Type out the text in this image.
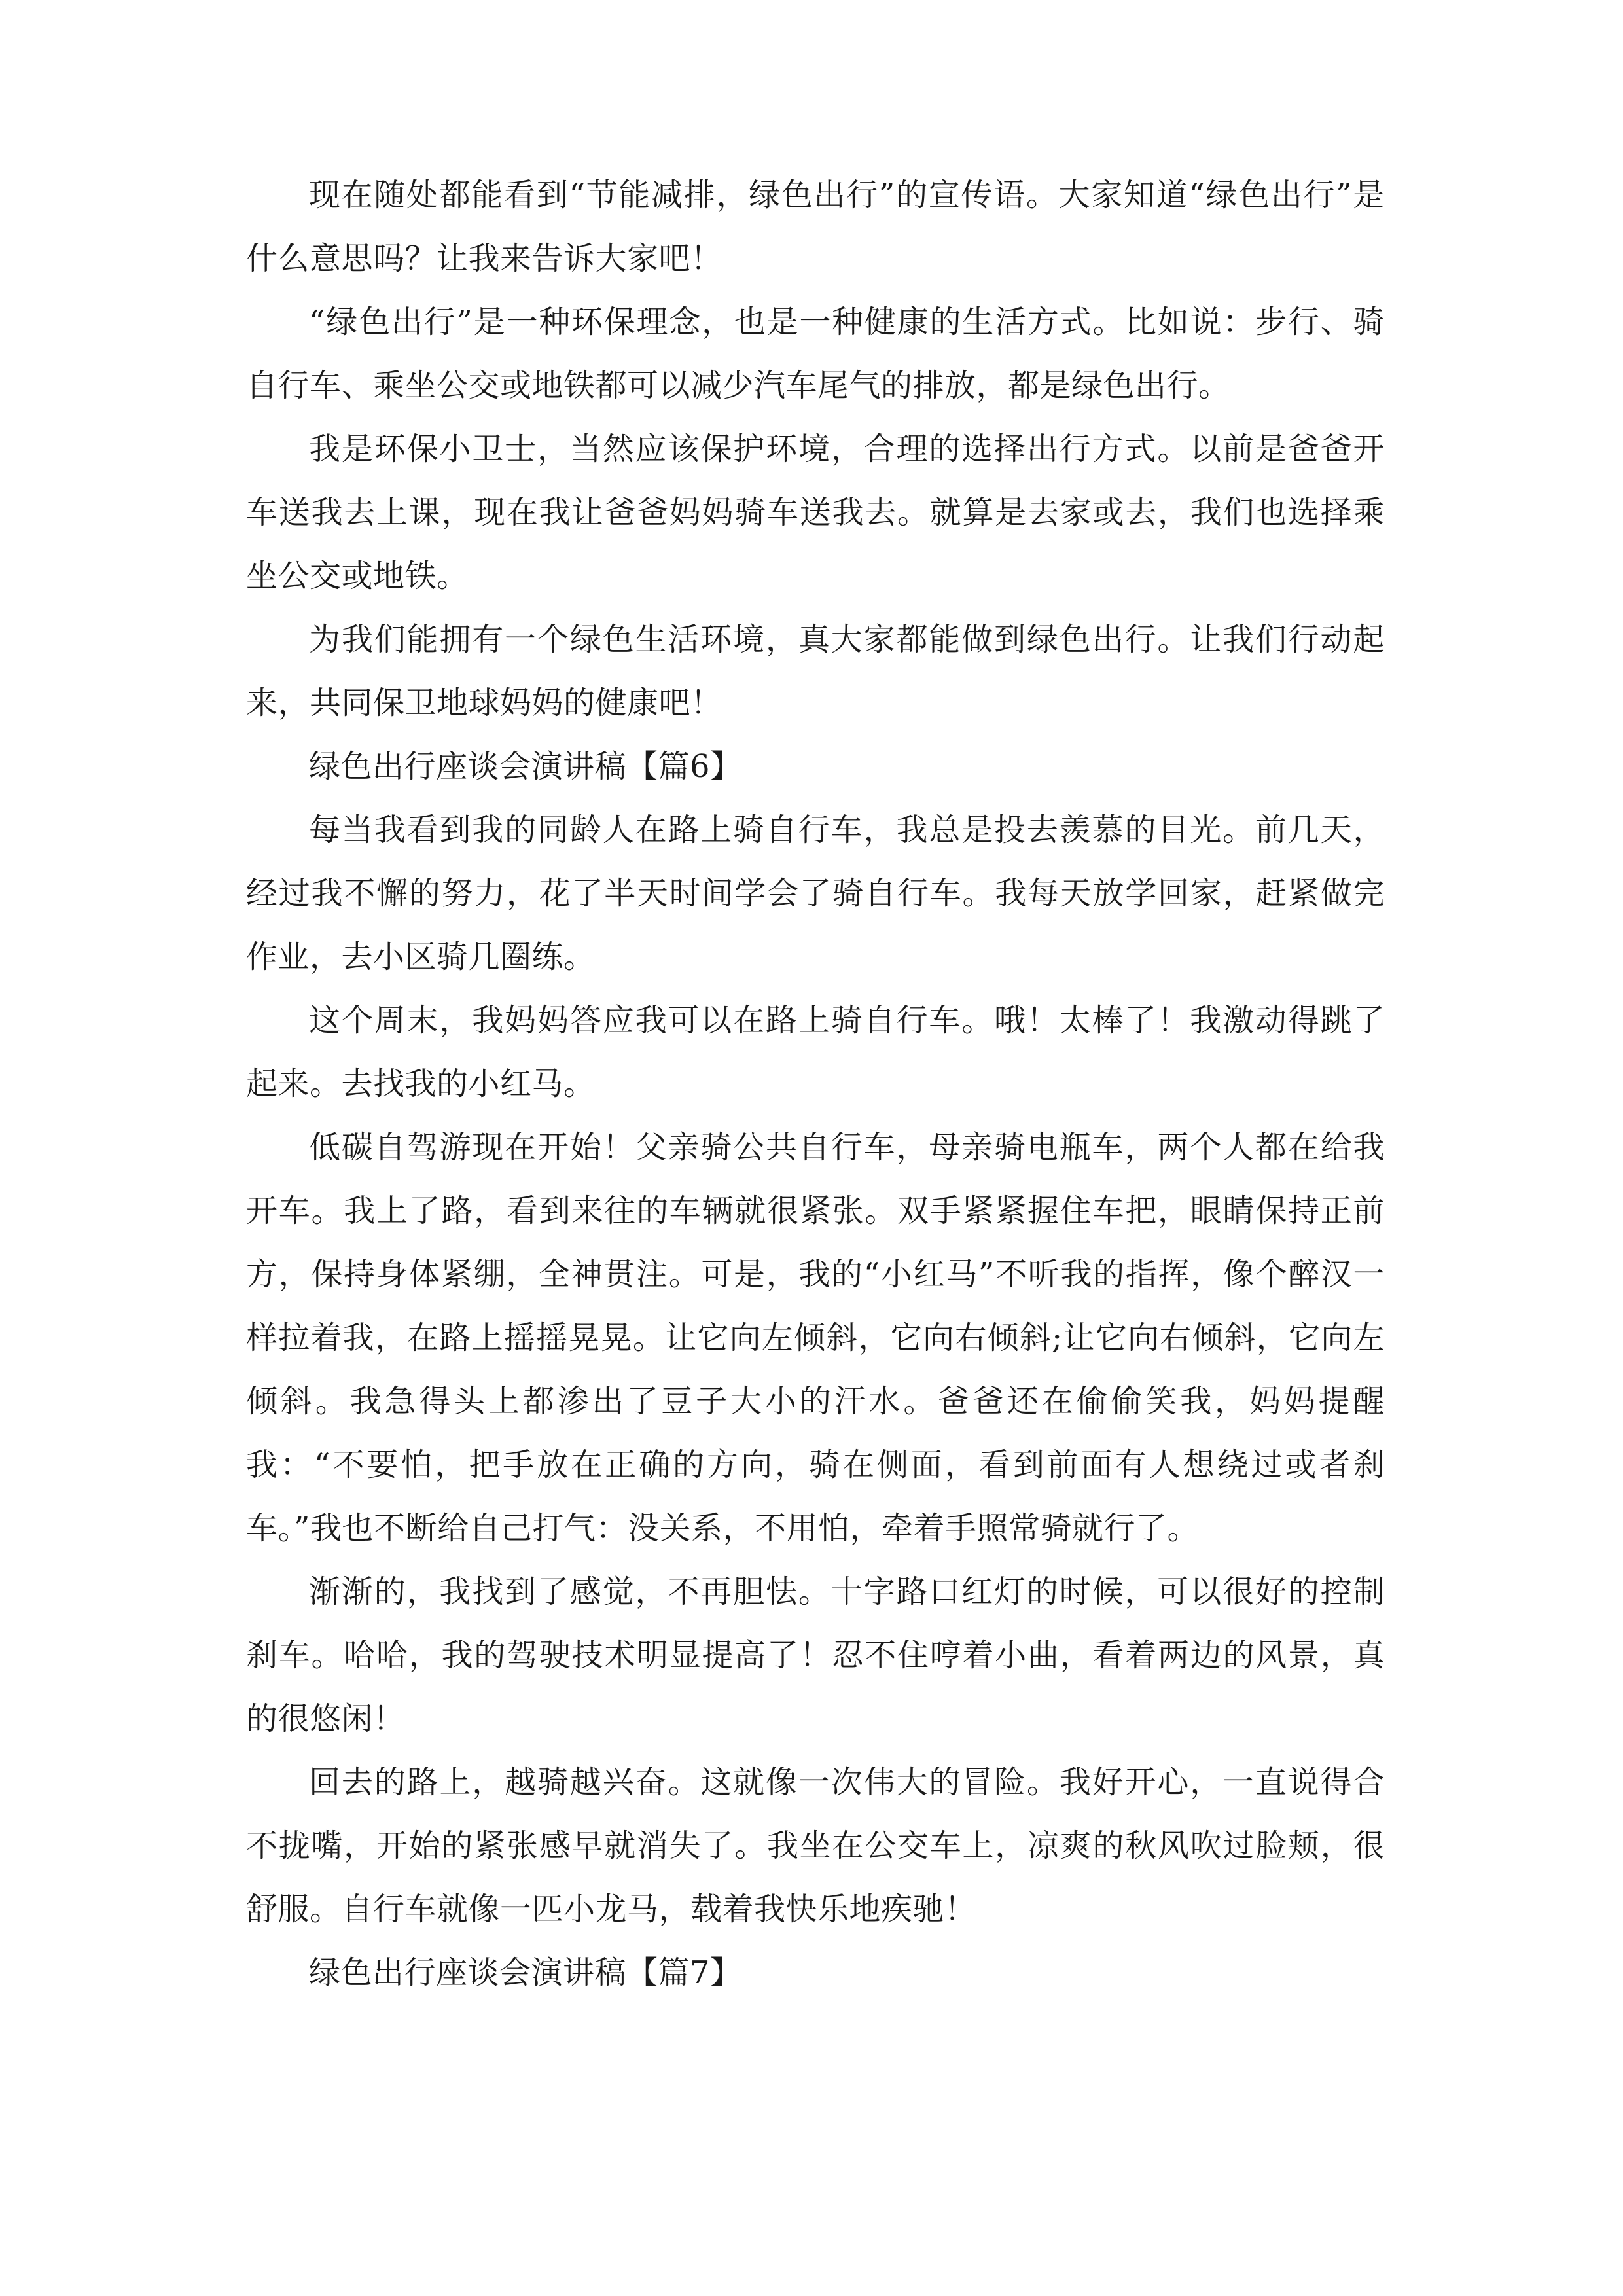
现在随处都能看到“节能减排，绿色出行”的宣传语。大家知道“绿色出行”是什么意思吗？让我来告诉大家吧！

“绿色出行”是一种环保理念，也是一种健康的生活方式。比如说：步行、骑自行车、乘坐公交或地铁都可以减少汽车尾气的排放，都是绿色出行。

我是环保小卫士，当然应该保护环境，合理的选择出行方式。以前是爸爸开车送我去上课，现在我让爸爸妈妈骑车送我去。就算是去家或去，我们也选择乘坐公交或地铁。

为我们能拥有一个绿色生活环境，真大家都能做到绿色出行。让我们行动起来，共同保卫地球妈妈的健康吧！

绿色出行座谈会演讲稿【篇6】

每当我看到我的同龄人在路上骑自行车，我总是投去羡慕的目光。前几天，经过我不懈的努力，花了半天时间学会了骑自行车。我每天放学回家，赶紧做完作业，去小区骑几圈练。

这个周末，我妈妈答应我可以在路上骑自行车。哦！太棒了！我激动得跳了起来。去找我的小红马。

低碳自驾游现在开始！父亲骑公共自行车，母亲骑电瓶车，两个人都在给我开车。我上了路，看到来往的车辆就很紧张。双手紧紧握住车把，眼睛保持正前方，保持身体紧绷，全神贯注。可是，我的“小红马”不听我的指挥，像个醉汉一样拉着我，在路上摇摇晃晃。让它向左倾斜，它向右倾斜;让它向右倾斜，它向左倾斜。我急得头上都渗出了豆子大小的汗水。爸爸还在偷偷笑我，妈妈提醒我：“不要怕，把手放在正确的方向，骑在侧面，看到前面有人想绕过或者刹车。”我也不断给自己打气：没关系，不用怕，牵着手照常骑就行了。

渐渐的，我找到了感觉，不再胆怯。十字路口红灯的时候，可以很好的控制刹车。哈哈，我的驾驶技术明显提高了！忍不住哼着小曲，看着两边的风景，真的很悠闲！

回去的路上，越骑越兴奋。这就像一次伟大的冒险。我好开心，一直说得合不拢嘴，开始的紧张感早就消失了。我坐在公交车上，凉爽的秋风吹过脸颊，很舒服。自行车就像一匹小龙马，载着我快乐地疾驰！

绿色出行座谈会演讲稿【篇7】
